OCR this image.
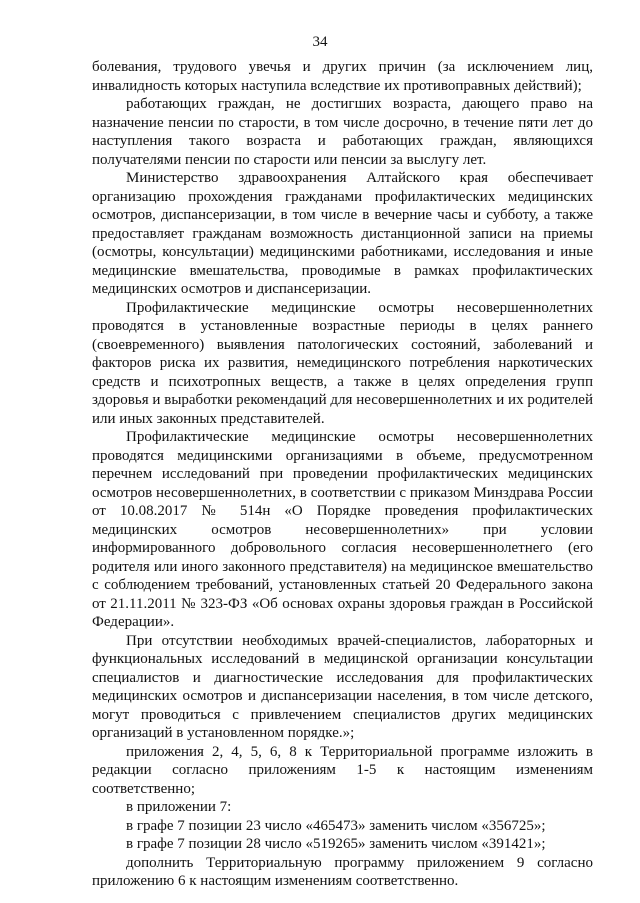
34

болевания, трудового увечья и других причин (за исключением лиц, инвалидность которых наступила вследствие их противоправных действий);

работающих граждан, не достигших возраста, дающего право на назначение пенсии по старости, в том числе досрочно, в течение пяти лет до наступления такого возраста и работающих граждан, являющихся получателями пенсии по старости или пенсии за выслугу лет.

Министерство здравоохранения Алтайского края обеспечивает организацию прохождения гражданами профилактических медицинских осмотров, диспансеризации, в том числе в вечерние часы и субботу, а также предоставляет гражданам возможность дистанционной записи на приемы (осмотры, консультации) медицинскими работниками, исследования и иные медицинские вмешательства, проводимые в рамках профилактических медицинских осмотров и диспансеризации.

Профилактические медицинские осмотры несовершеннолетних проводятся в установленные возрастные периоды в целях раннего (своевременного) выявления патологических состояний, заболеваний и факторов риска их развития, немедицинского потребления наркотических средств и психотропных веществ, а также в целях определения групп здоровья и выработки рекомендаций для несовершеннолетних и их родителей или иных законных представителей.

Профилактические медицинские осмотры несовершеннолетних проводятся медицинскими организациями в объеме, предусмотренном перечнем исследований при проведении профилактических медицинских осмотров несовершеннолетних, в соответствии с приказом Минздрава России от 10.08.2017 № 514н «О Порядке проведения профилактических медицинских осмотров несовершеннолетних» при условии информированного добровольного согласия несовершеннолетнего (его родителя или иного законного представителя) на медицинское вмешательство с соблюдением требований, установленных статьей 20 Федерального закона от 21.11.2011 № 323-ФЗ «Об основах охраны здоровья граждан в Российской Федерации».

При отсутствии необходимых врачей-специалистов, лабораторных и функциональных исследований в медицинской организации консультации специалистов и диагностические исследования для профилактических медицинских осмотров и диспансеризации населения, в том числе детского, могут проводиться с привлечением специалистов других медицинских организаций в установленном порядке.»;

приложения 2, 4, 5, 6, 8 к Территориальной программе изложить в редакции согласно приложениям 1-5 к настоящим изменениям соответственно;

в приложении 7:

в графе 7 позиции 23 число «465473» заменить числом «356725»;

в графе 7 позиции 28 число «519265» заменить числом «391421»;

дополнить Территориальную программу приложением 9 согласно приложению 6 к настоящим изменениям соответственно.
